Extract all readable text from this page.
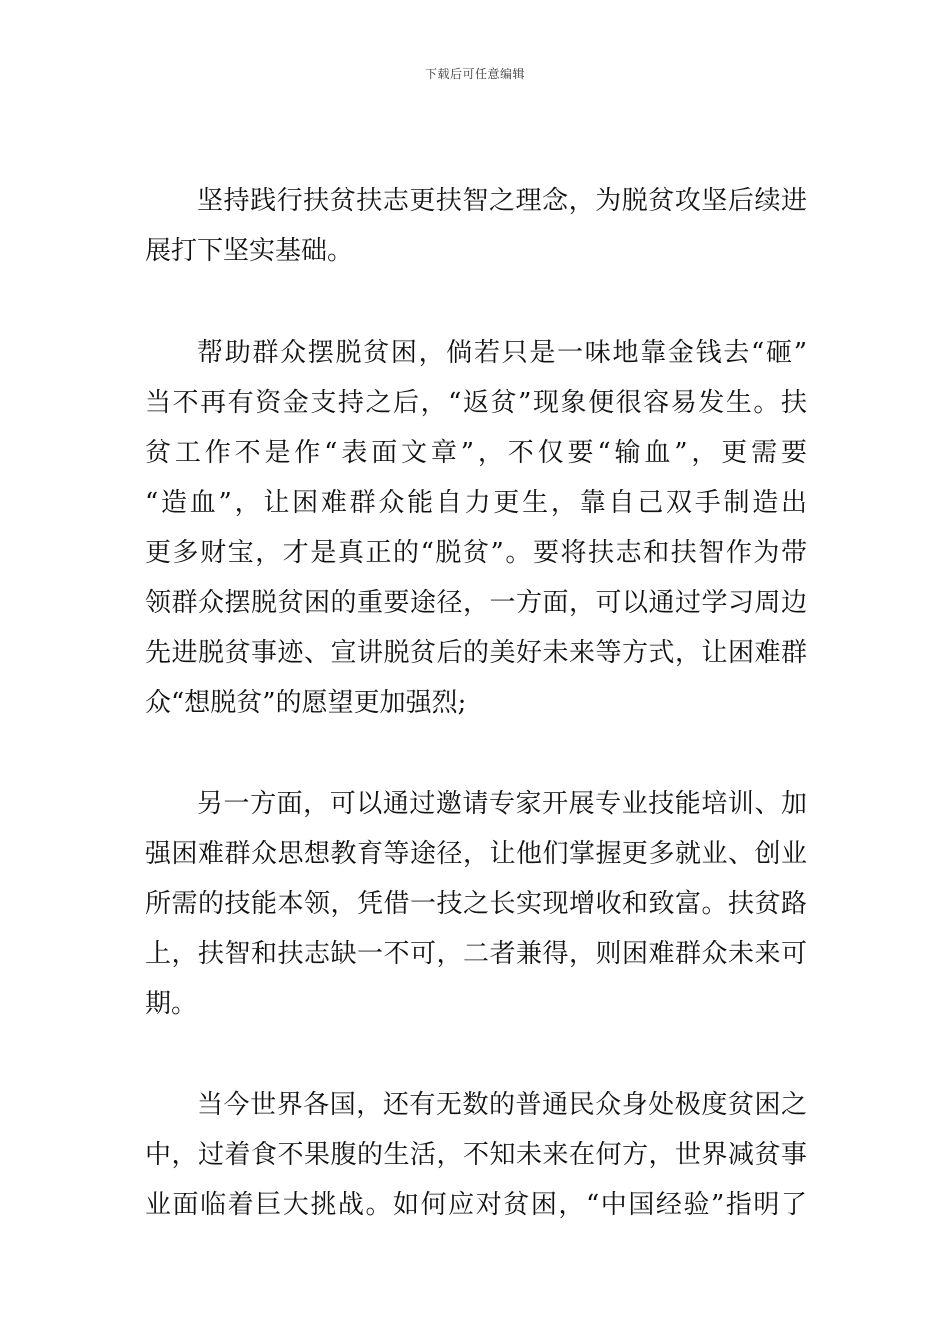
下载后可任意编辑
坚持践行扶贫扶志更扶智之理念，为脱贫攻坚后续进
展打下坚实基础。
帮助群众摆脱贫困，倘若只是一味地靠金钱去“砸”
当不再有资金支持之后，“返贫”现象便很容易发生。扶
贫工作不是作“表面文章”，不仅要“输血”，更需要
“造血”，让困难群众能自力更生，靠自己双手制造出
更多财宝，才是真正的“脱贫”。要将扶志和扶智作为带
领群众摆脱贫困的重要途径，一方面，可以通过学习周边
先进脱贫事迹、宣讲脱贫后的美好未来等方式，让困难群
众“想脱贫”的愿望更加强烈;
另一方面，可以通过邀请专家开展专业技能培训、加
强困难群众思想教育等途径，让他们掌握更多就业、创业
所需的技能本领，凭借一技之长实现增收和致富。扶贫路
上，扶智和扶志缺一不可，二者兼得，则困难群众未来可
期。
当今世界各国，还有无数的普通民众身处极度贫困之
中，过着食不果腹的生活，不知未来在何方，世界减贫事
业面临着巨大挑战。如何应对贫困，“中国经验”指明了
